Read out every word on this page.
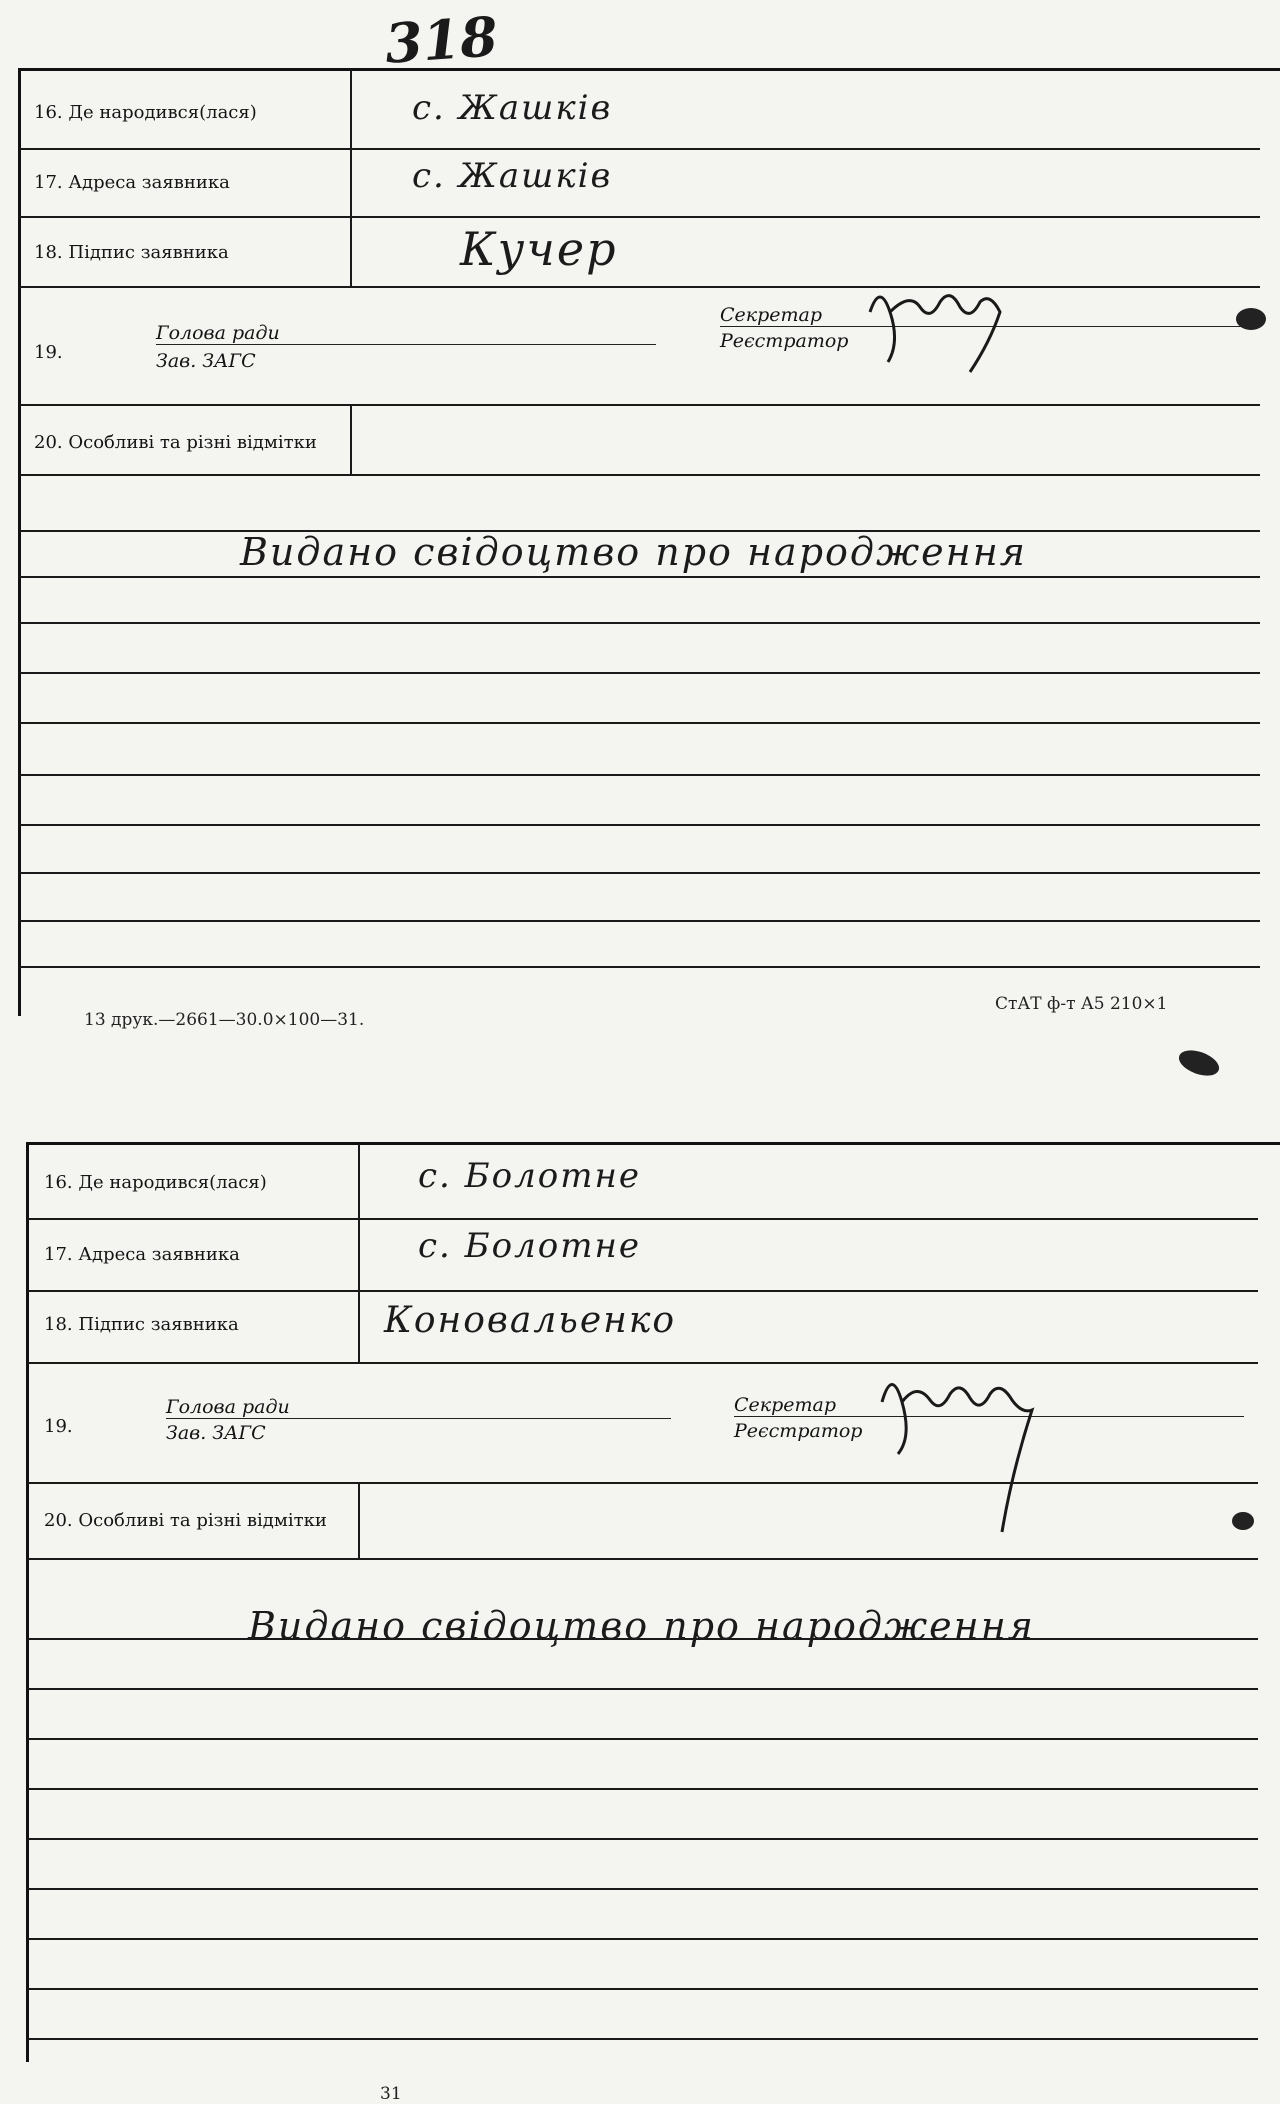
318
16. Де народився(лася)	с. Жашків
17. Адреса заявника	с. Жашків
18. Підпис заявника	Кучер
19.
Голова ради
Зав. ЗАГС
Секретар
Реєстратор
20. Особливі та різні відмітки
Видано свідоцтво про народження
13 друк.—2661—30.0×100—31.
СтАТ ф-т А5 210×1
16. Де народився(лася)	с. Болотне
17. Адреса заявника	с. Болотне
18. Підпис заявника	Коновальенко
19.
Голова ради
Зав. ЗАГС
Секретар
Реєстратор
20. Особливі та різні відмітки
Видано свідоцтво про народження
31
